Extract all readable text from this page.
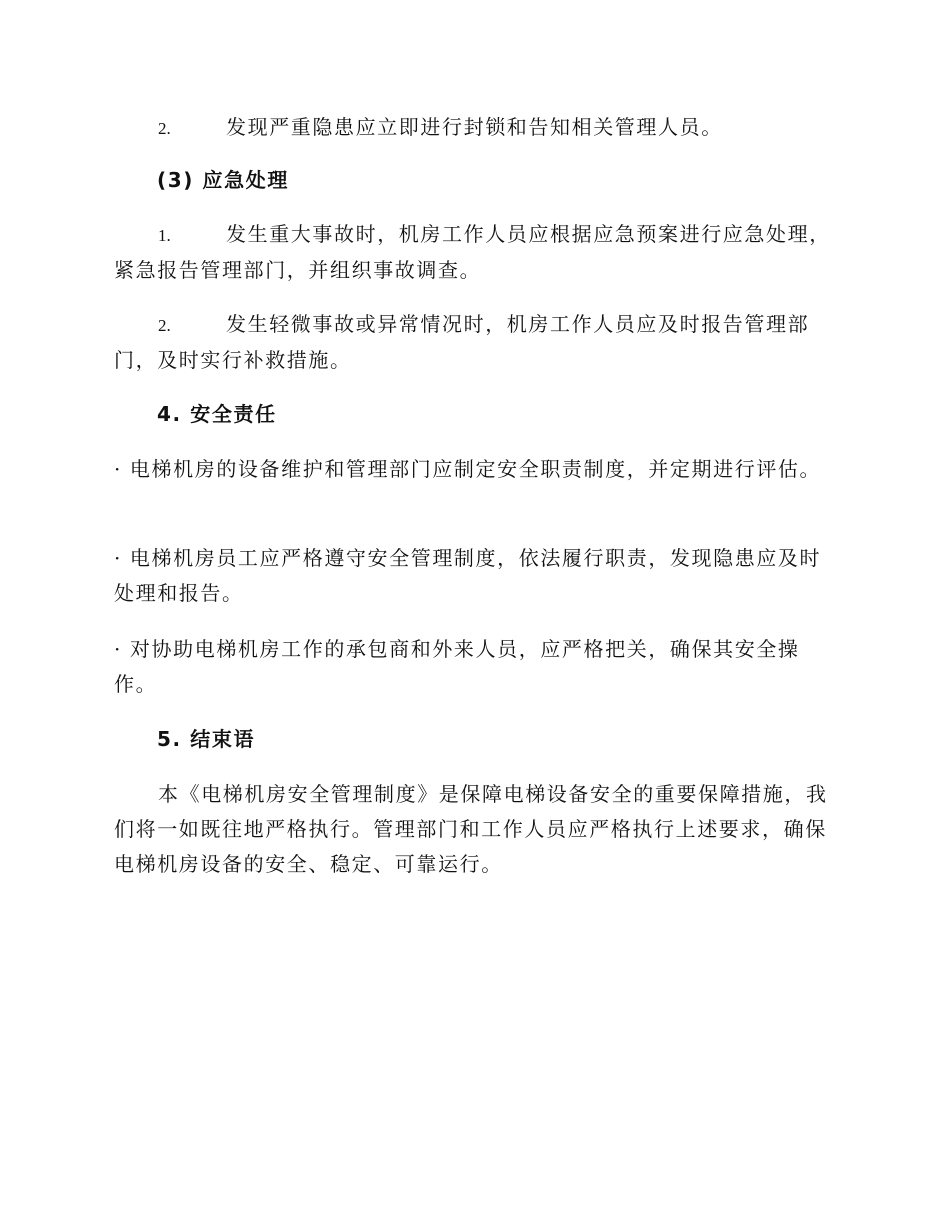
2.	发现严重隐患应立即进行封锁和告知相关管理人员。
(3) 应急处理
1.	发生重大事故时，机房工作人员应根据应急预案进行应急处理，紧急报告管理部门，并组织事故调查。
2.	发生轻微事故或异常情况时，机房工作人员应及时报告管理部门，及时实行补救措施。
4. 安全责任
· 电梯机房的设备维护和管理部门应制定安全职责制度，并定期进行评估。
· 电梯机房员工应严格遵守安全管理制度，依法履行职责，发现隐患应及时处理和报告。
· 对协助电梯机房工作的承包商和外来人员，应严格把关，确保其安全操作。
5. 结束语
本《电梯机房安全管理制度》是保障电梯设备安全的重要保障措施，我们将一如既往地严格执行。管理部门和工作人员应严格执行上述要求，确保电梯机房设备的安全、稳定、可靠运行。
